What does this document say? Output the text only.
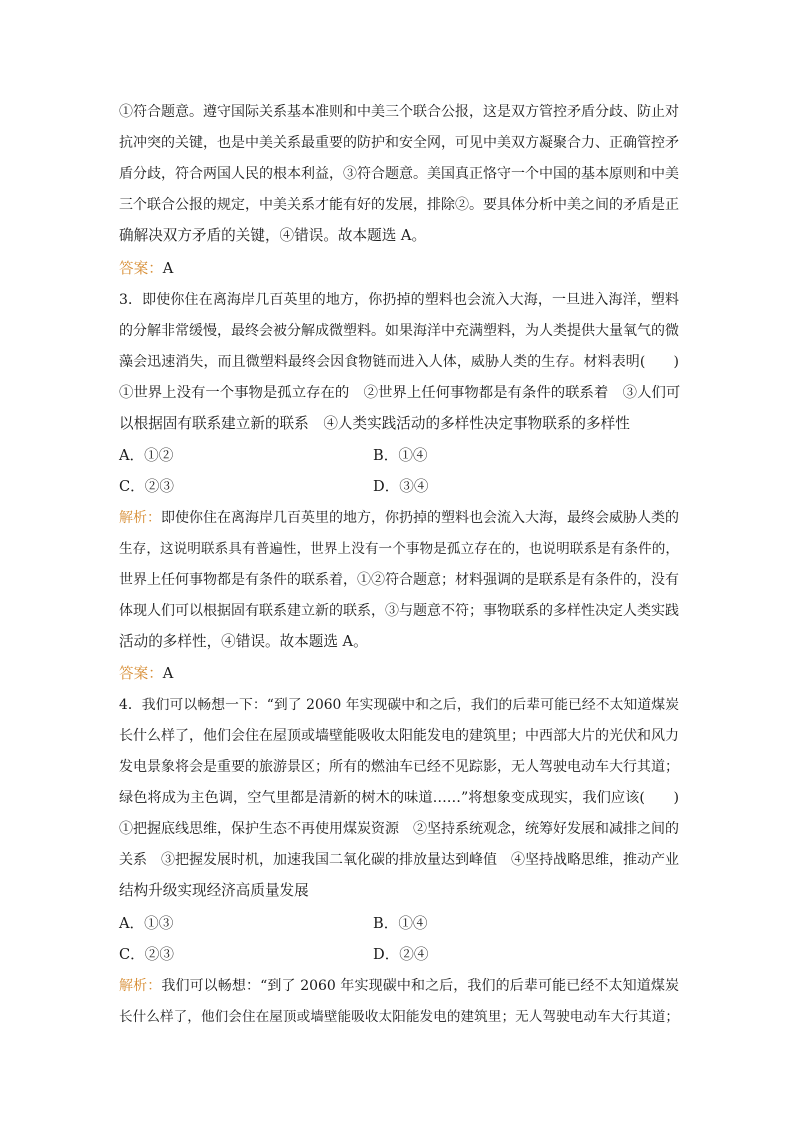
①符合题意。遵守国际关系基本准则和中美三个联合公报，这是双方管控矛盾分歧、防止对
抗冲突的关键，也是中美关系最重要的防护和安全网，可见中美双方凝聚合力、正确管控矛
盾分歧，符合两国人民的根本利益，③符合题意。美国真正恪守一个中国的基本原则和中美
三个联合公报的规定，中美关系才能有好的发展，排除②。要具体分析中美之间的矛盾是正
确解决双方矛盾的关键，④错误。故本题选 A。
答案：A
3．即使你住在离海岸几百英里的地方，你扔掉的塑料也会流入大海，一旦进入海洋，塑料
的分解非常缓慢，最终会被分解成微塑料。如果海洋中充满塑料，为人类提供大量氧气的微
藻会迅速消失，而且微塑料最终会因食物链而进入人体，威胁人类的生存。材料表明(　　)
①世界上没有一个事物是孤立存在的　②世界上任何事物都是有条件的联系着　③人们可
以根据固有联系建立新的联系　④人类实践活动的多样性决定事物联系的多样性
A．①②	B．①④
C．②③	D．③④
解析：即使你住在离海岸几百英里的地方，你扔掉的塑料也会流入大海，最终会威胁人类的
生存，这说明联系具有普遍性，世界上没有一个事物是孤立存在的，也说明联系是有条件的，
世界上任何事物都是有条件的联系着，①②符合题意；材料强调的是联系是有条件的，没有
体现人们可以根据固有联系建立新的联系，③与题意不符；事物联系的多样性决定人类实践
活动的多样性，④错误。故本题选 A。
答案：A
4．我们可以畅想一下：“到了 2060 年实现碳中和之后，我们的后辈可能已经不太知道煤炭
长什么样了，他们会住在屋顶或墙壁能吸收太阳能发电的建筑里；中西部大片的光伏和风力
发电景象将会是重要的旅游景区；所有的燃油车已经不见踪影，无人驾驶电动车大行其道；
绿色将成为主色调，空气里都是清新的树木的味道……”将想象变成现实，我们应该(　　)
①把握底线思维，保护生态不再使用煤炭资源　②坚持系统观念，统筹好发展和减排之间的
关系　③把握发展时机，加速我国二氧化碳的排放量达到峰值　④坚持战略思维，推动产业
结构升级实现经济高质量发展
A．①③	B．①④
C．②③	D．②④
解析：我们可以畅想：“到了 2060 年实现碳中和之后，我们的后辈可能已经不太知道煤炭
长什么样了，他们会住在屋顶或墙壁能吸收太阳能发电的建筑里；无人驾驶电动车大行其道；
